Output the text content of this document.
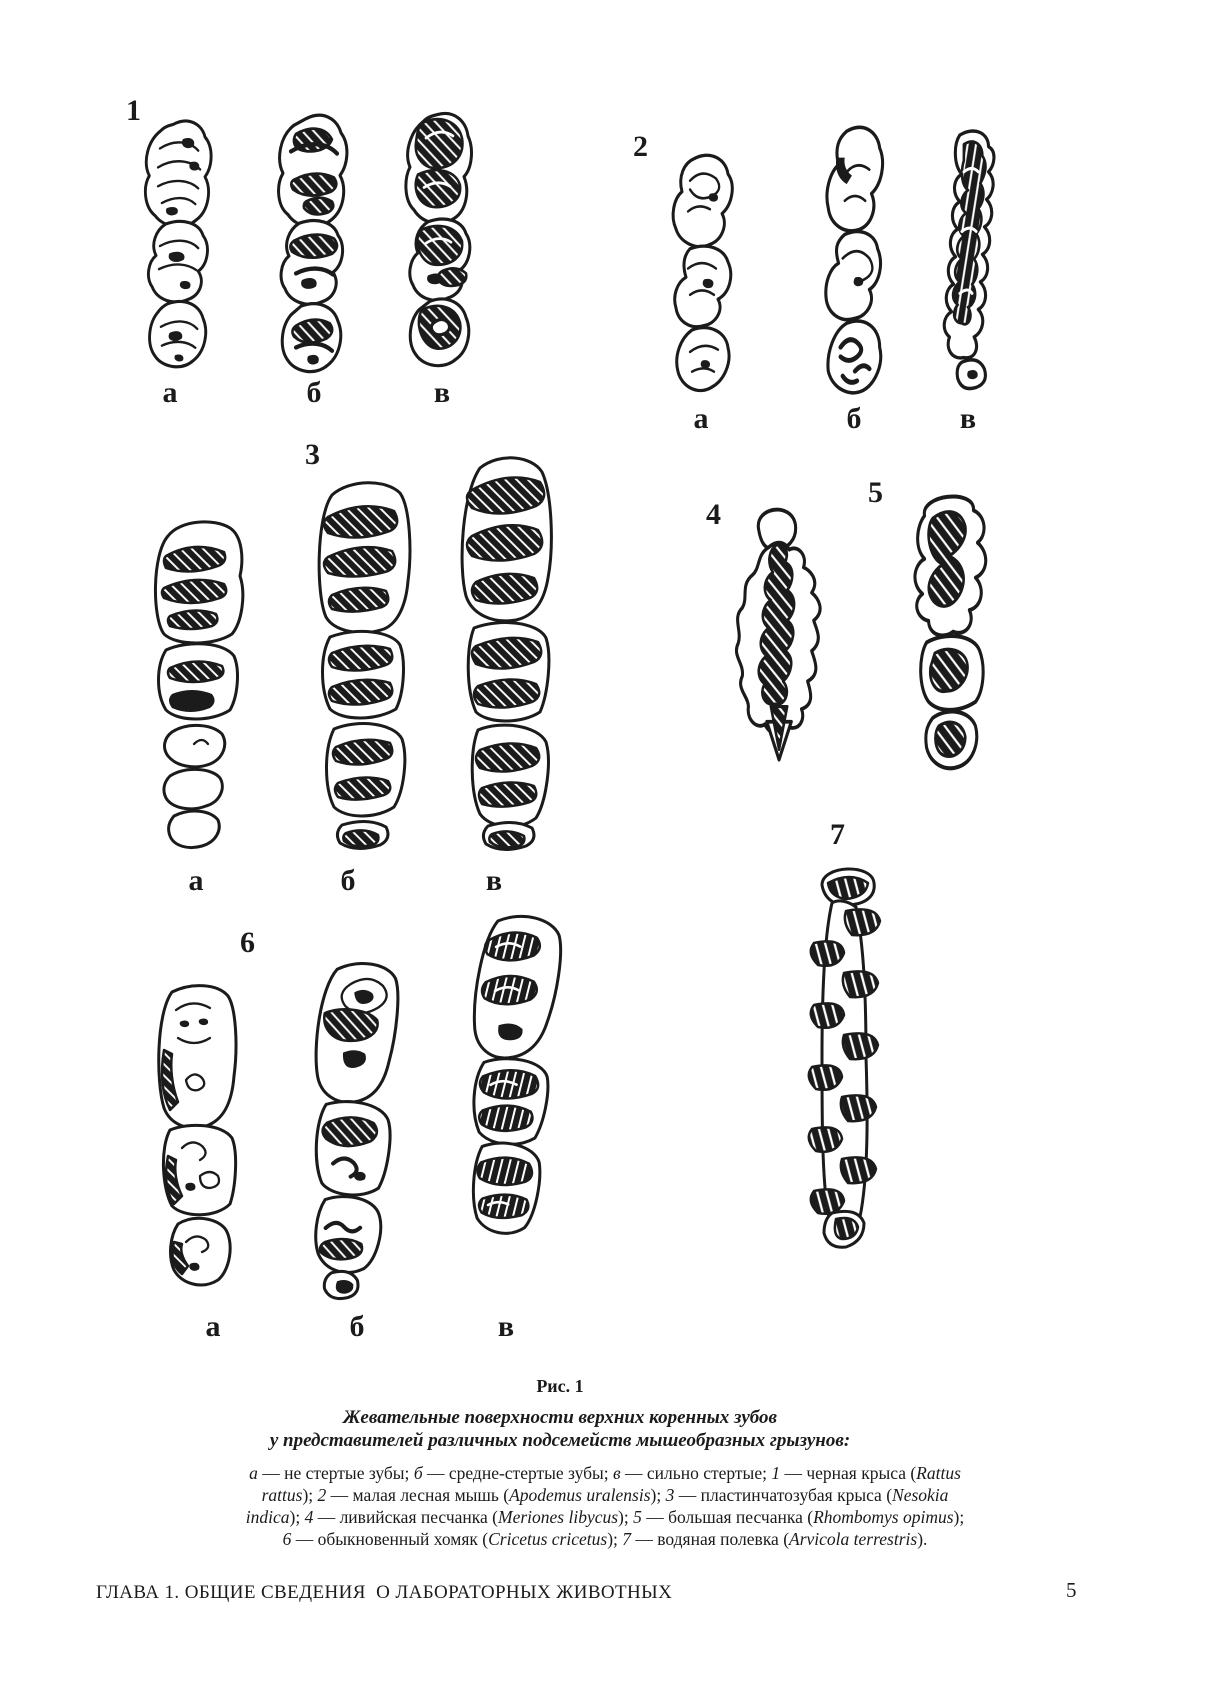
1
а	б	в
2
а	б	в
3
а	б	в
4
5
6
а	б	в
7
Рис. 1
Жевательные поверхности верхних коренных зубов
у представителей различных подсемейств мышеобразных грызунов:
а — не стертые зубы; б — средне-стертые зубы; в — сильно стертые; 1 — черная крыса (Rattus
rattus); 2 — малая лесная мышь (Apodemus uralensis); 3 — пластинчатозубая крыса (Nesokia
indica); 4 — ливийская песчанка (Meriones libycus); 5 — большая песчанка (Rhombomys opimus);
6 — обыкновенный хомяк (Cricetus cricetus); 7 — водяная полевка (Arvicola terrestris).
ГЛАВА 1. ОБЩИЕ СВЕДЕНИЯ  О ЛАБОРАТОРНЫХ ЖИВОТНЫХ	5
